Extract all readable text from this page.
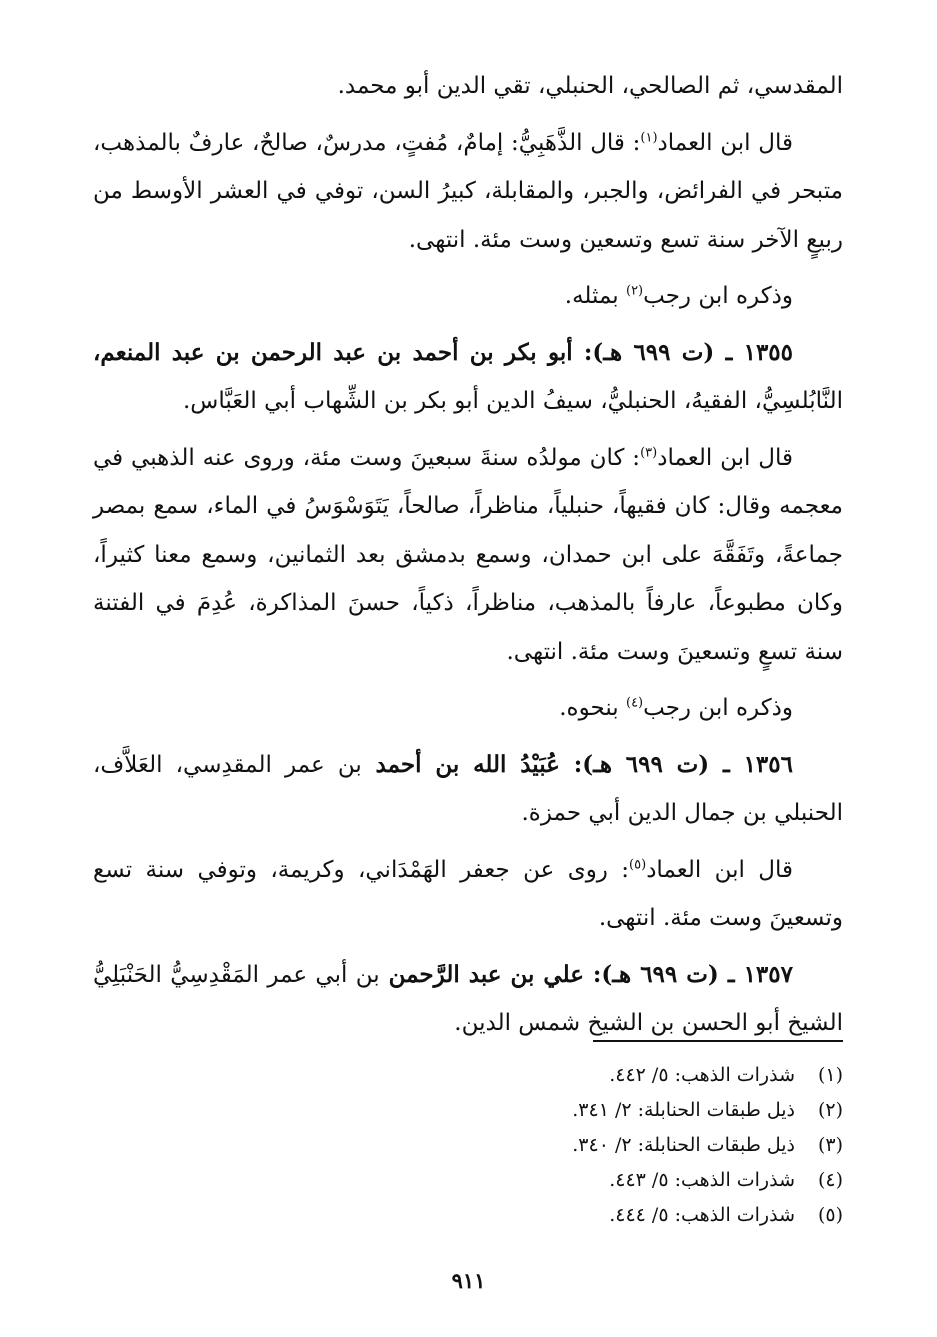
المقدسي، ثم الصالحي، الحنبلي، تقي الدين أبو محمد.

قال ابن العماد$^{(١)}$: قال الذَّهَبِيُّ: إمامٌ، مُفتٍ، مدرسٌ، صالحٌ، عارفٌ بالمذهب، متبحر في الفرائض، والجبر، والمقابلة، كبيرُ السن، توفي في العشر الأوسط من ربيعٍ الآخر سنة تسع وتسعين وست مئة. انتهى.

وذكره ابن رجب$^{(٢)}$ بمثله.

١٣٥٥ ـ (ت ٦٩٩ هـ): أبو بكر بن أحمد بن عبد الرحمن بن عبد المنعم، النَّابُلسِيُّ، الفقيهُ، الحنبليُّ، سيفُ الدين أبو بكر بن الشِّهاب أبي العَبَّاس.

قال ابن العماد$^{(٣)}$: كان مولدُه سنةَ سبعينَ وست مئة، وروى عنه الذهبي في معجمه وقال: كان فقيهاً، حنبلياً، مناظراً، صالحاً، يَتَوَسْوَسُ في الماء، سمع بمصر جماعةً، وتَفَقَّهَ على ابن حمدان، وسمع بدمشق بعد الثمانين، وسمع معنا كثيراً، وكان مطبوعاً، عارفاً بالمذهب، مناظراً، ذكياً، حسنَ المذاكرة، عُدِمَ في الفتنة سنة تسعٍ وتسعينَ وست مئة. انتهى.

وذكره ابن رجب$^{(٤)}$ بنحوه.

١٣٥٦ ـ (ت ٦٩٩ هـ): عُبَيْدُ الله بن أحمد بن عمر المقدِسي، العَلاَّف، الحنبلي بن جمال الدين أبي حمزة.

قال ابن العماد$^{(٥)}$: روى عن جعفر الهَمْدَاني، وكريمة، وتوفي سنة تسع وتسعينَ وست مئة. انتهى.

١٣٥٧ ـ (ت ٦٩٩ هـ): علي بن عبد الرَّحمن بن أبي عمر المَقْدِسِيُّ الحَنْبَلِيُّ الشيخ أبو الحسن بن الشيخ شمس الدين.

(١)
شذرات الذهب: ٥/ ٤٤٢.
(٢)
ذيل طبقات الحنابلة: ٢/ ٣٤١.
(٣)
ذيل طبقات الحنابلة: ٢/ ٣٤٠.
(٤)
شذرات الذهب: ٥/ ٤٤٣.
(٥)
شذرات الذهب: ٥/ ٤٤٤.
٩١١
